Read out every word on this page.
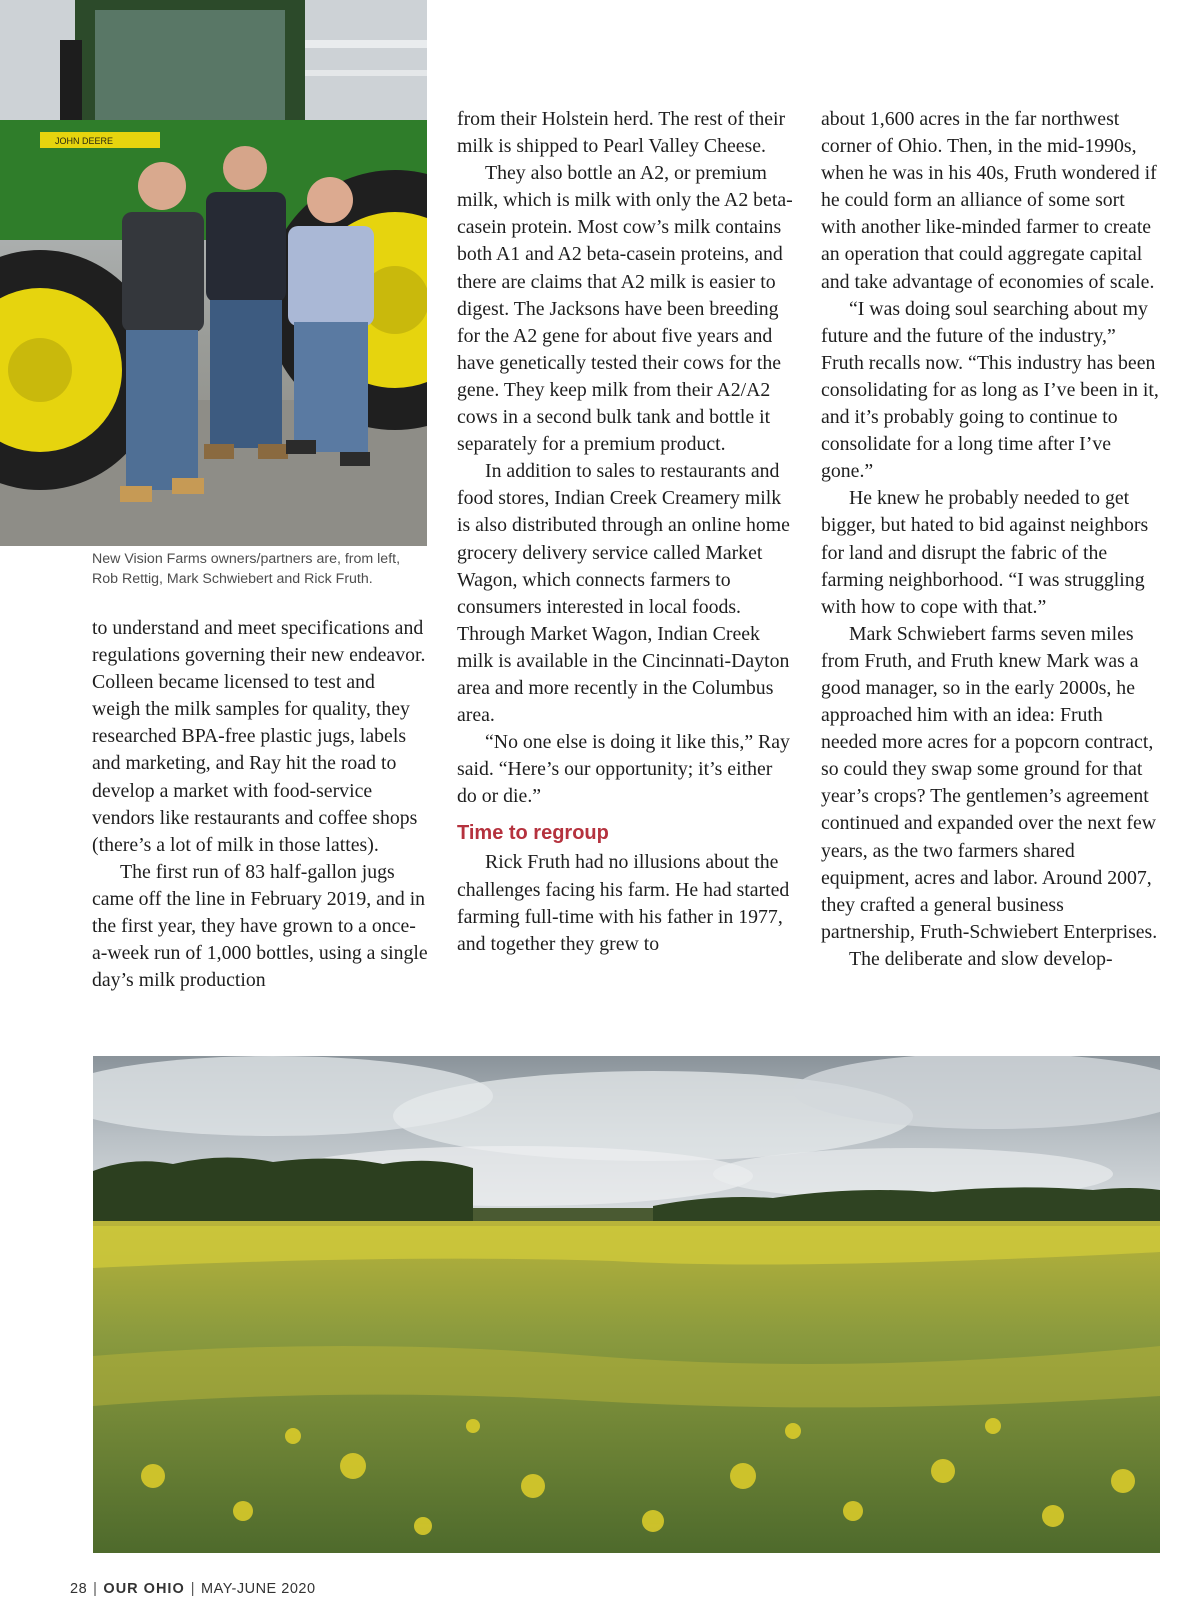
JOHN DEERE
New Vision Farms owners/partners are, from left, Rob Rettig, Mark Schwiebert and Rick Fruth.

to understand and meet specifications and regulations governing their new endeavor. Colleen became licensed to test and weigh the milk samples for quality, they researched BPA-free plastic jugs, labels and marketing, and Ray hit the road to develop a market with food-service vendors like restaurants and coffee shops (there’s a lot of milk in those lattes).

The first run of 83 half-gallon jugs came off the line in February 2019, and in the first year, they have grown to a once-a-week run of 1,000 bottles, using a single day’s milk production

from their Holstein herd. The rest of their milk is shipped to Pearl Valley Cheese.

They also bottle an A2, or premium milk, which is milk with only the A2 beta-casein protein. Most cow’s milk contains both A1 and A2 beta-casein proteins, and there are claims that A2 milk is easier to digest. The Jacksons have been breeding for the A2 gene for about five years and have genetically tested their cows for the gene. They keep milk from their A2/A2 cows in a second bulk tank and bottle it separately for a premium product.

In addition to sales to restaurants and food stores, Indian Creek Creamery milk is also distributed through an online home grocery delivery service called Market Wagon, which connects farmers to consumers interested in local foods. Through Market Wagon, Indian Creek milk is available in the Cincinnati-Dayton area and more recently in the Columbus area.

“No one else is doing it like this,” Ray said. “Here’s our opportunity; it’s either do or die.”

Time to regroup

Rick Fruth had no illusions about the challenges facing his farm. He had started farming full-time with his father in 1977, and together they grew to

about 1,600 acres in the far northwest corner of Ohio. Then, in the mid-1990s, when he was in his 40s, Fruth wondered if he could form an alliance of some sort with another like-minded farmer to create an operation that could aggregate capital and take advantage of economies of scale.

“I was doing soul searching about my future and the future of the industry,” Fruth recalls now. “This industry has been consolidating for as long as I’ve been in it, and it’s probably going to continue to consolidate for a long time after I’ve gone.”

He knew he probably needed to get bigger, but hated to bid against neighbors for land and disrupt the fabric of the farming neighborhood. “I was struggling with how to cope with that.”

Mark Schwiebert farms seven miles from Fruth, and Fruth knew Mark was a good manager, so in the early 2000s, he approached him with an idea: Fruth needed more acres for a popcorn contract, so could they swap some ground for that year’s crops? The gentlemen’s agreement continued and expanded over the next few years, as the two farmers shared equipment, acres and labor. Around 2007, they crafted a general business partnership, Fruth-Schwiebert Enterprises.

The deliberate and slow develop-

28 | OUR OHIO | MAY-JUNE 2020
